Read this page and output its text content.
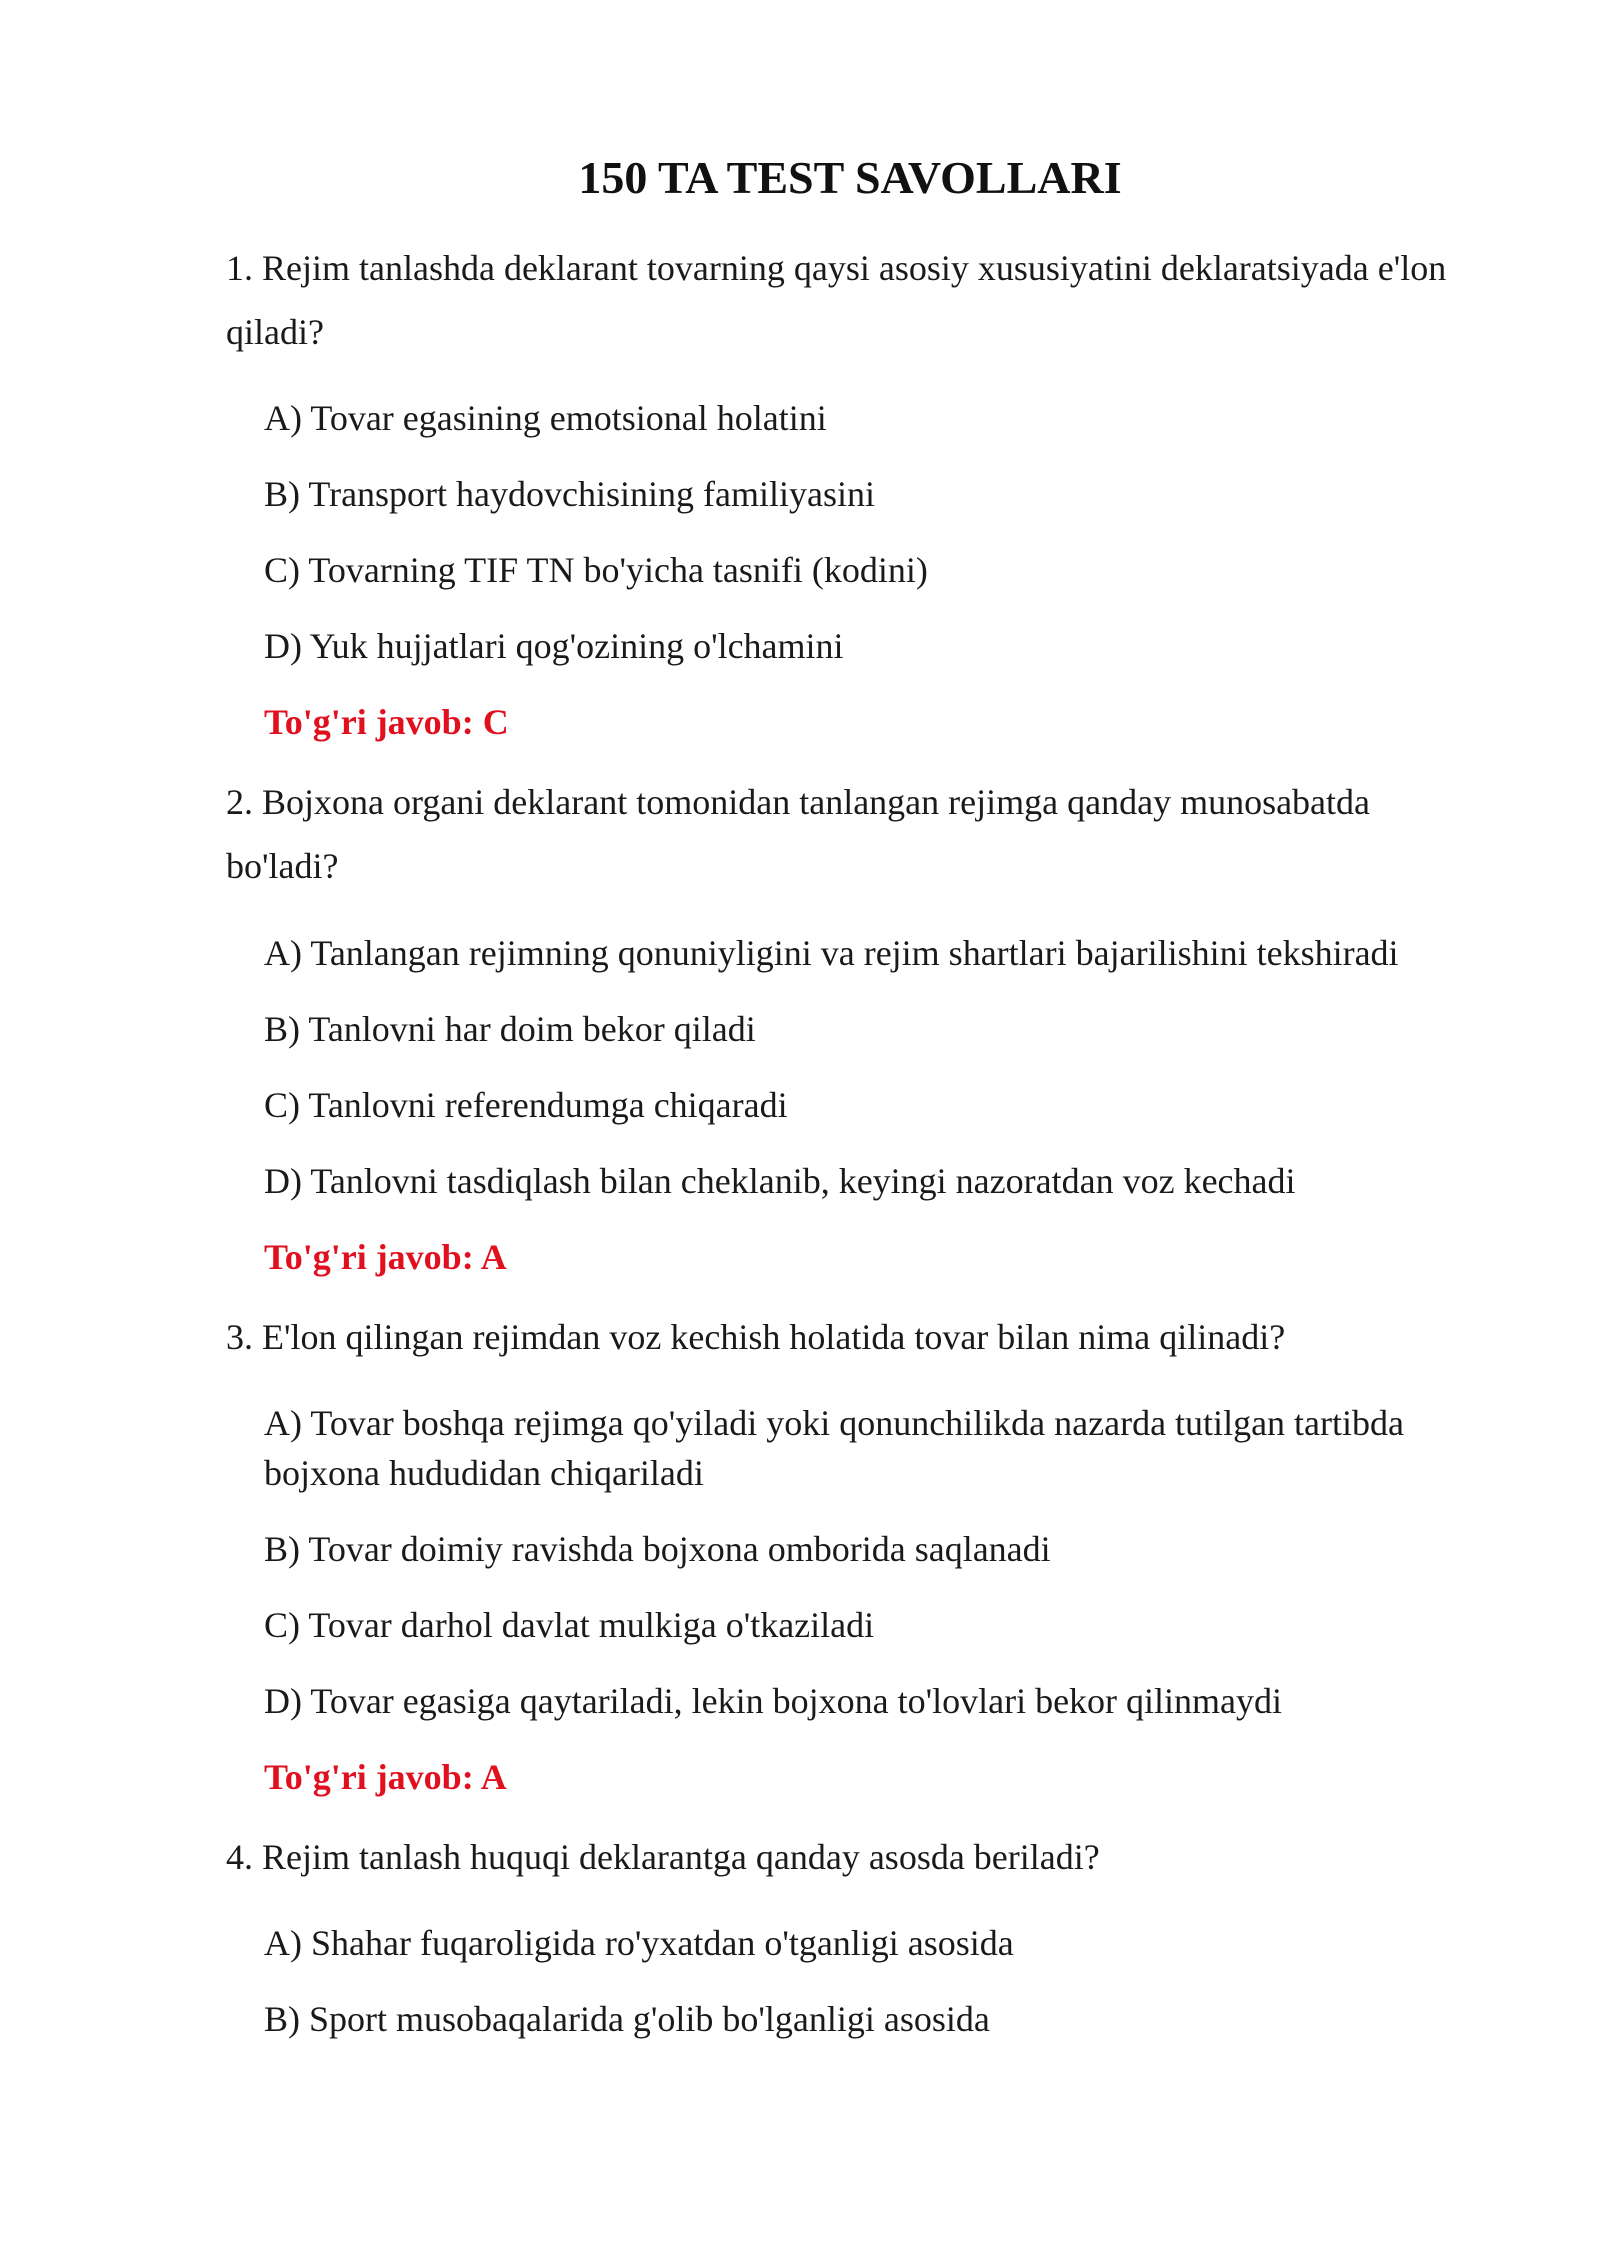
150 TA TEST SAVOLLARI

1. Rejim tanlashda deklarant tovarning qaysi asosiy xususiyatini deklaratsiyada e'lon qiladi?

A) Tovar egasining emotsional holatini

B) Transport haydovchisining familiyasini

C) Tovarning TIF TN bo'yicha tasnifi (kodini)

D) Yuk hujjatlari qog'ozining o'lchamini

To'g'ri javob: C

2. Bojxona organi deklarant tomonidan tanlangan rejimga qanday munosabatda bo'ladi?

A) Tanlangan rejimning qonuniyligini va rejim shartlari bajarilishini tekshiradi

B) Tanlovni har doim bekor qiladi

C) Tanlovni referendumga chiqaradi

D) Tanlovni tasdiqlash bilan cheklanib, keyingi nazoratdan voz kechadi

To'g'ri javob: A

3. E'lon qilingan rejimdan voz kechish holatida tovar bilan nima qilinadi?

A) Tovar boshqa rejimga qo'yiladi yoki qonunchilikda nazarda tutilgan tartibda bojxona hududidan chiqariladi

B) Tovar doimiy ravishda bojxona omborida saqlanadi

C) Tovar darhol davlat mulkiga o'tkaziladi

D) Tovar egasiga qaytariladi, lekin bojxona to'lovlari bekor qilinmaydi

To'g'ri javob: A

4. Rejim tanlash huquqi deklarantga qanday asosda beriladi?

A) Shahar fuqaroligida ro'yxatdan o'tganligi asosida

B) Sport musobaqalarida g'olib bo'lganligi asosida
